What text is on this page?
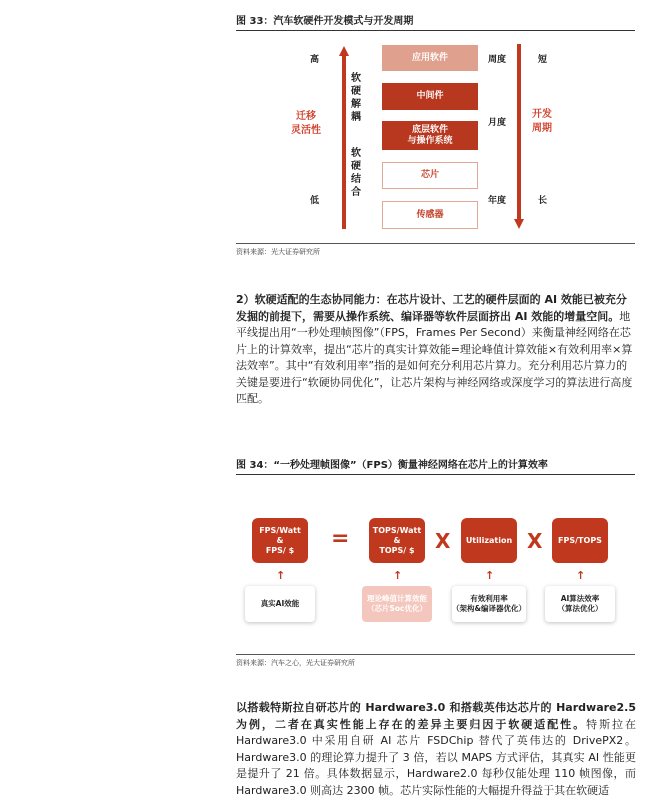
图 33：汽车软硬件开发模式与开发周期
高
低
迁移
灵活性
软硬解耦
软硬结合
应用软件
中间件
底层软件
与操作系统
芯片
传感器
周度
月度
年度
短
长
开发
周期
资料来源：光大证券研究所
2）软硬适配的生态协同能力：在芯片设计、工艺的硬件层面的 AI 效能已被充分发掘的前提下，需要从操作系统、编译器等软件层面挤出 AI 效能的增量空间。地平线提出用“一秒处理帧图像”（FPS，Frames Per Second）来衡量神经网络在芯片上的计算效率，提出“芯片的真实计算效能=理论峰值计算效能×有效利用率×算法效率”。其中“有效利用率”指的是如何充分利用芯片算力。充分利用芯片算力的关键是要进行“软硬协同优化”，让芯片架构与神经网络或深度学习的算法进行高度匹配。
图 34：“一秒处理帧图像”（FPS）衡量神经网络在芯片上的计算效率
FPS/Watt
&
FPS/ $ =	TOPS/Watt
&
TOPS/ $ X	Utilization X	FPS/TOPS
↑	↑	↑	↑
真实AI效能
理论峰值计算效能
（芯片Soc优化）
有效利用率
（架构&编译器优化）
AI算法效率
（算法优化）
资料来源：汽车之心，光大证券研究所
以搭载特斯拉自研芯片的 Hardware3.0 和搭载英伟达芯片的 Hardware2.5 为例，二者在真实性能上存在的差异主要归因于软硬适配性。特斯拉在 Hardware3.0 中采用自研 AI 芯片 FSDChip 替代了英伟达的 DrivePX2。Hardware3.0 的理论算力提升了 3 倍，若以 MAPS 方式评估，其真实 AI 性能更是提升了 21 倍。具体数据显示，Hardware2.0 每秒仅能处理 110 帧图像，而 Hardware3.0 则高达 2300 帧。芯片实际性能的大幅提升得益于其在软硬适
